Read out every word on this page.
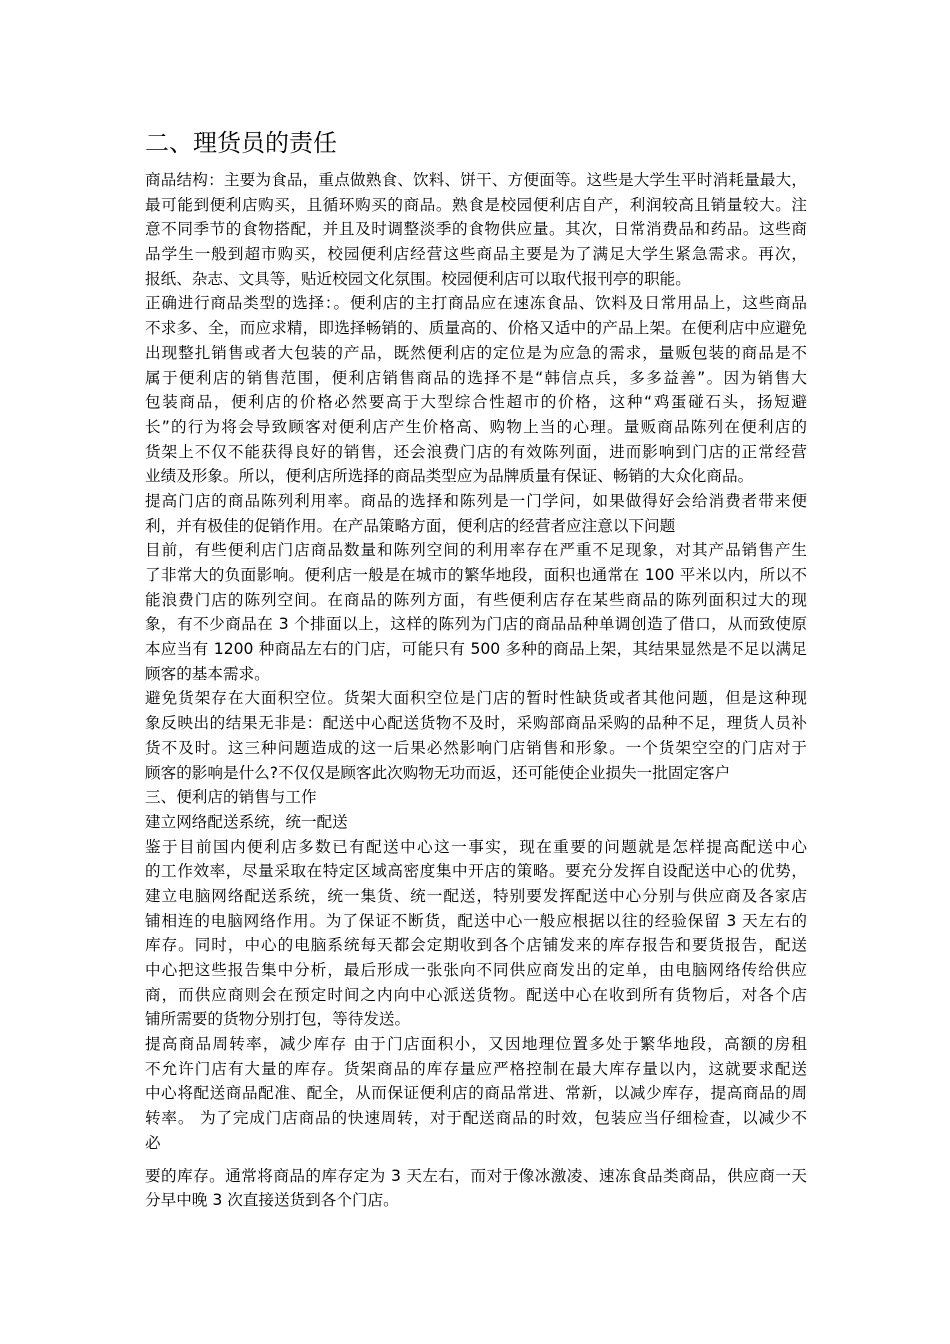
二、理货员的责任
商品结构：主要为食品，重点做熟食、饮料、饼干、方便面等。这些是大学生平时消耗量最大，
最可能到便利店购买，且循环购买的商品。熟食是校园便利店自产，利润较高且销量较大。注
意不同季节的食物搭配，并且及时调整淡季的食物供应量。其次，日常消费品和药品。这些商
品学生一般到超市购买，校园便利店经营这些商品主要是为了满足大学生紧急需求。再次，
报纸、杂志、文具等，贴近校园文化氛围。校园便利店可以取代报刊亭的职能。
正确进行商品类型的选择：。便利店的主打商品应在速冻食品、饮料及日常用品上，这些商品
不求多、全，而应求精，即选择畅销的、质量高的、价格又适中的产品上架。在便利店中应避免
出现整扎销售或者大包装的产品，既然便利店的定位是为应急的需求，量贩包装的商品是不
属于便利店的销售范围，便利店销售商品的选择不是“韩信点兵，多多益善”。因为销售大
包装商品，便利店的价格必然要高于大型综合性超市的价格，这种“鸡蛋碰石头，扬短避
长”的行为将会导致顾客对便利店产生价格高、购物上当的心理。量贩商品陈列在便利店的
货架上不仅不能获得良好的销售，还会浪费门店的有效陈列面，进而影响到门店的正常经营
业绩及形象。所以，便利店所选择的商品类型应为品牌质量有保证、畅销的大众化商品。
提高门店的商品陈列利用率。商品的选择和陈列是一门学问，如果做得好会给消费者带来便
利，并有极佳的促销作用。在产品策略方面，便利店的经营者应注意以下问题
目前，有些便利店门店商品数量和陈列空间的利用率存在严重不足现象，对其产品销售产生
了非常大的负面影响。便利店一般是在城市的繁华地段，面积也通常在 100 平米以内，所以不
能浪费门店的陈列空间。在商品的陈列方面，有些便利店存在某些商品的陈列面积过大的现
象，有不少商品在 3 个排面以上，这样的陈列为门店的商品品种单调创造了借口，从而致使原
本应当有 1200 种商品左右的门店，可能只有 500 多种的商品上架，其结果显然是不足以满足
顾客的基本需求。
避免货架存在大面积空位。货架大面积空位是门店的暂时性缺货或者其他问题，但是这种现
象反映出的结果无非是：配送中心配送货物不及时，采购部商品采购的品种不足，理货人员补
货不及时。这三种问题造成的这一后果必然影响门店销售和形象。一个货架空空的门店对于
顾客的影响是什么?不仅仅是顾客此次购物无功而返，还可能使企业损失一批固定客户
三、便利店的销售与工作
建立网络配送系统，统一配送
鉴于目前国内便利店多数已有配送中心这一事实，现在重要的问题就是怎样提高配送中心
的工作效率，尽量采取在特定区域高密度集中开店的策略。要充分发挥自设配送中心的优势，
建立电脑网络配送系统，统一集货、统一配送，特别要发挥配送中心分别与供应商及各家店
铺相连的电脑网络作用。为了保证不断货，配送中心一般应根据以往的经验保留 3 天左右的
库存。同时，中心的电脑系统每天都会定期收到各个店铺发来的库存报告和要货报告，配送
中心把这些报告集中分析，最后形成一张张向不同供应商发出的定单，由电脑网络传给供应
商，而供应商则会在预定时间之内向中心派送货物。配送中心在收到所有货物后，对各个店
铺所需要的货物分别打包，等待发送。
提高商品周转率，减少库存 由于门店面积小，又因地理位置多处于繁华地段，高额的房租
不允许门店有大量的库存。货架商品的库存量应严格控制在最大库存量以内，这就要求配送
中心将配送商品配准、配全，从而保证便利店的商品常进、常新，以减少库存，提高商品的周
转率。 为了完成门店商品的快速周转，对于配送商品的时效，包装应当仔细检查，以减少不
必
要的库存。通常将商品的库存定为 3 天左右，而对于像冰激凌、速冻食品类商品，供应商一天
分早中晚 3 次直接送货到各个门店。
